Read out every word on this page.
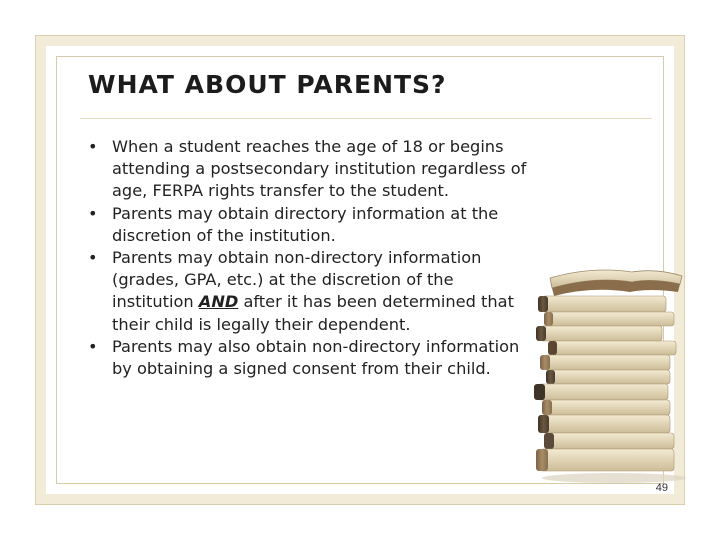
WHAT ABOUT PARENTS?
• When a student reaches the age of 18 or begins attending a postsecondary institution regardless of age, FERPA rights transfer to the student.
• Parents may obtain directory information at the discretion of the institution.
• Parents may obtain non-directory information (grades, GPA, etc.) at the discretion of the institution AND after it has been determined that their child is legally their dependent.
• Parents may also obtain non-directory information by obtaining a signed consent from their child.
49
